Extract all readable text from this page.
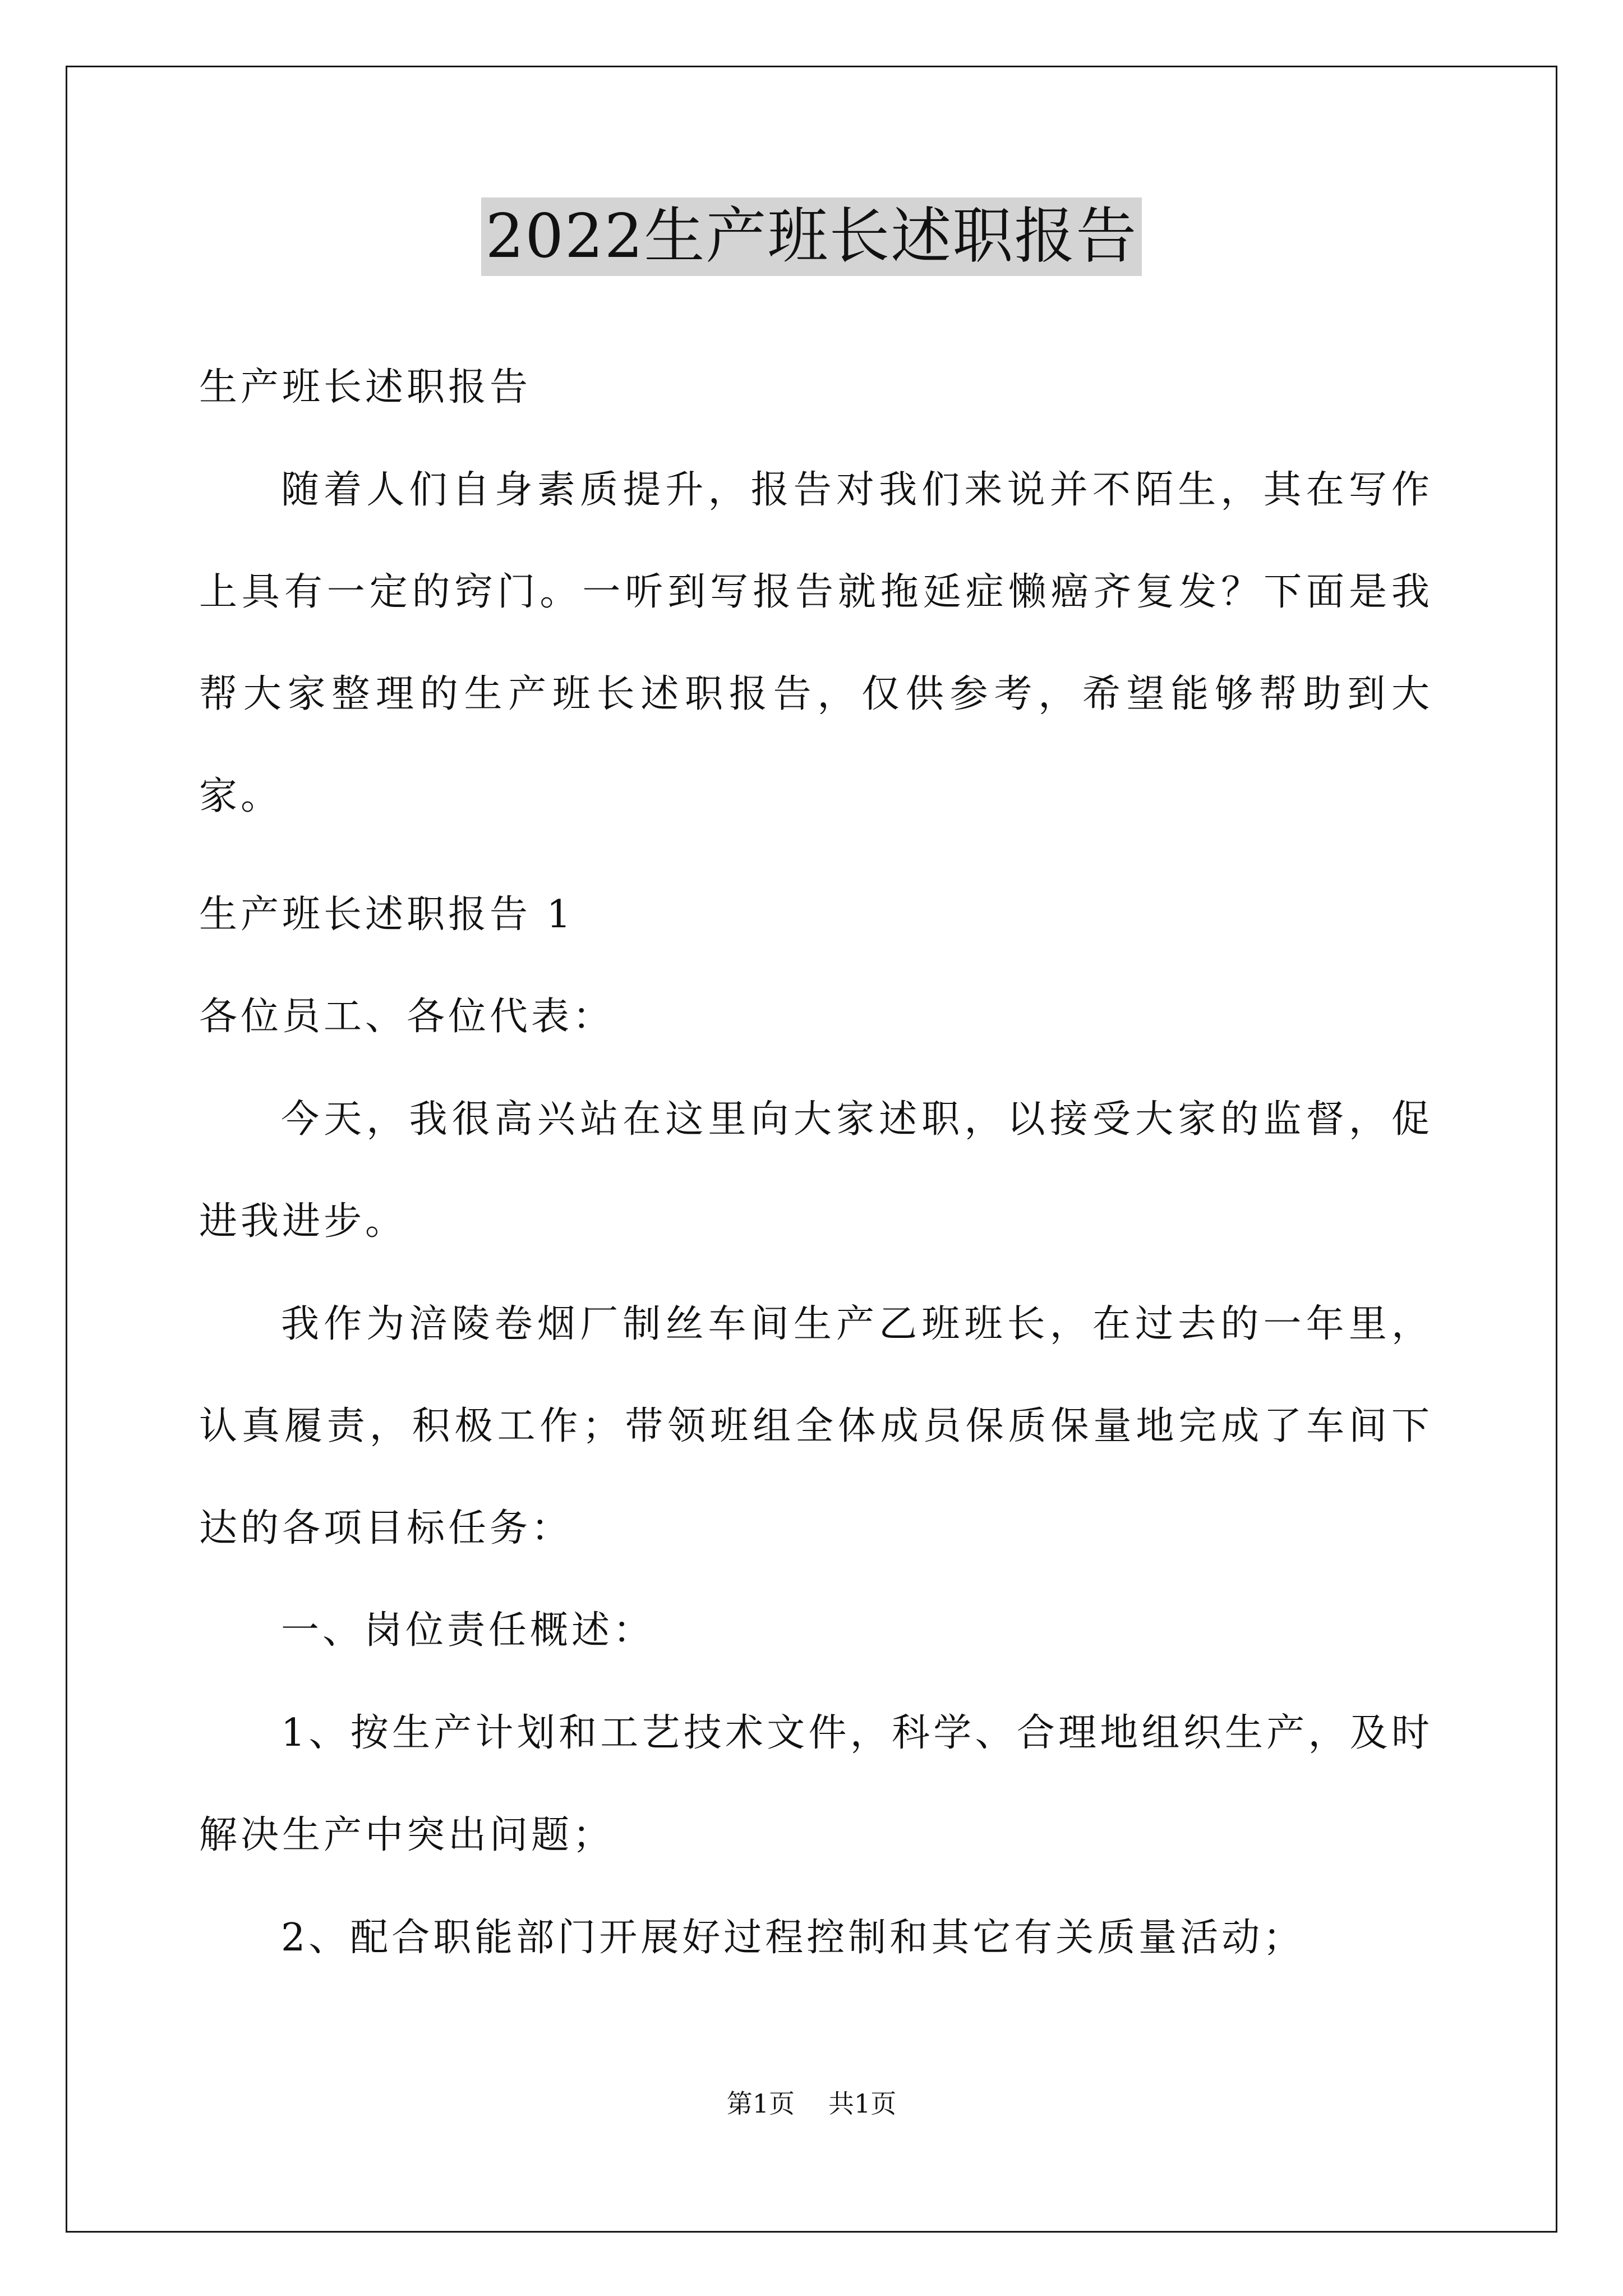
2022生产班长述职报告

生产班长述职报告

随着人们自身素质提升，报告对我们来说并不陌生，其在写作上具有一定的窍门。一听到写报告就拖延症懒癌齐复发？下面是我帮大家整理的生产班长述职报告，仅供参考，希望能够帮助到大家。

生产班长述职报告 1

各位员工、各位代表：

今天，我很高兴站在这里向大家述职，以接受大家的监督，促进我进步。

我作为涪陵卷烟厂制丝车间生产乙班班长，在过去的一年里，认真履责，积极工作；带领班组全体成员保质保量地完成了车间下达的各项目标任务：

一、岗位责任概述：

1、按生产计划和工艺技术文件，科学、合理地组织生产，及时解决生产中突出问题；

2、配合职能部门开展好过程控制和其它有关质量活动；

第1页 共1页
